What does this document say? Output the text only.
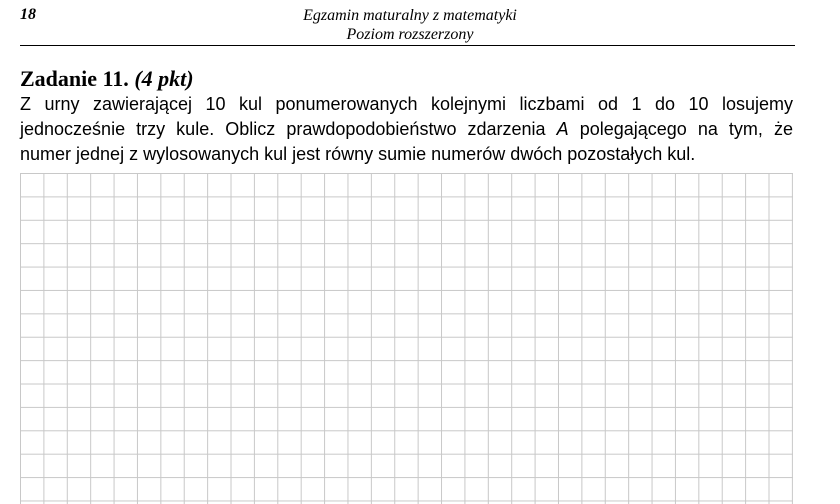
18	Egzamin maturalny z matematyki
Poziom rozszerzony
Zadanie 11. (4 pkt)
Z urny zawierającej 10 kul ponumerowanych kolejnymi liczbami od 1 do 10 losujemy
jednocześnie trzy kule. Oblicz prawdopodobieństwo zdarzenia A polegającego na tym, że
numer jednej z wylosowanych kul jest równy sumie numerów dwóch pozostałych kul.
